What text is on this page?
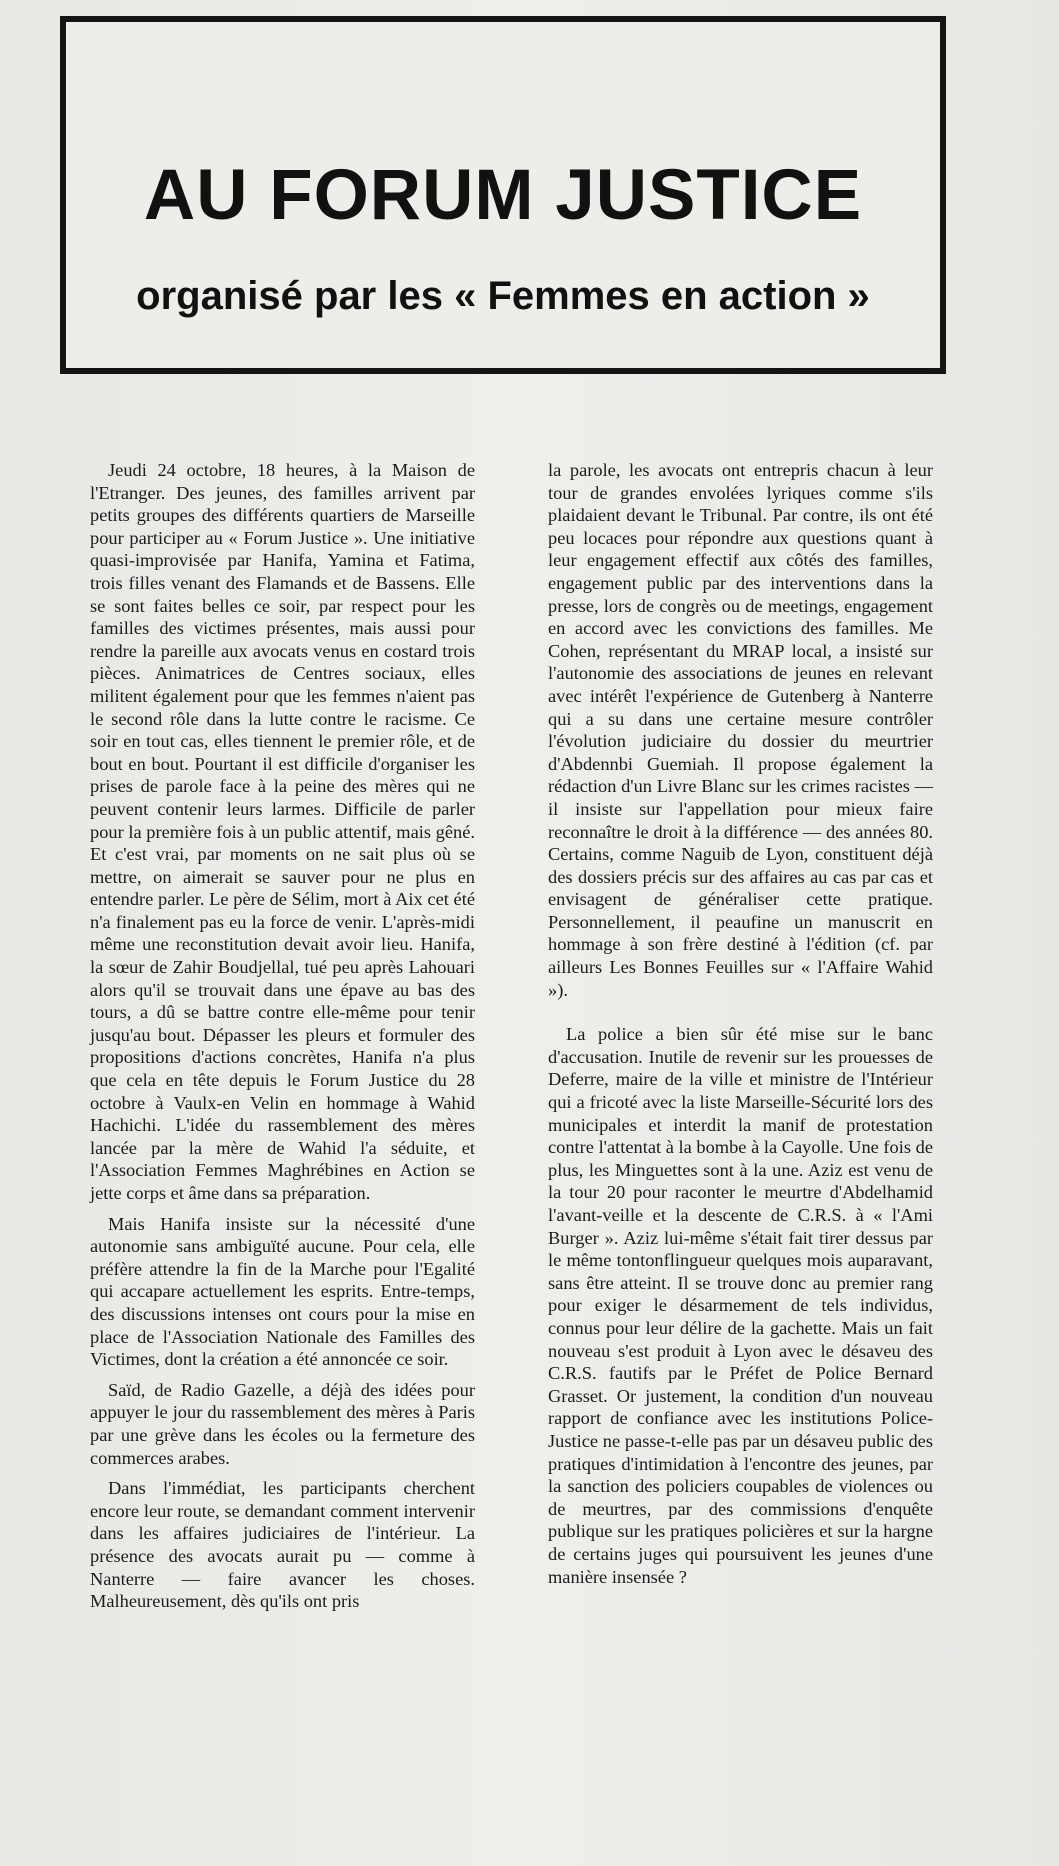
AU FORUM JUSTICE
organisé par les « Femmes en action »

Jeudi 24 octobre, 18 heures, à la Maison de l'Etranger. Des jeunes, des familles arrivent par petits groupes des différents quartiers de Marseille pour participer au « Forum Justice ». Une initiative quasi-improvisée par Hanifa, Yamina et Fatima, trois filles venant des Flamands et de Bassens. Elle se sont faites belles ce soir, par respect pour les familles des victimes présentes, mais aussi pour rendre la pareille aux avocats venus en costard trois pièces. Animatrices de Centres sociaux, elles militent également pour que les femmes n'aient pas le second rôle dans la lutte contre le racisme. Ce soir en tout cas, elles tiennent le premier rôle, et de bout en bout. Pourtant il est difficile d'organiser les prises de parole face à la peine des mères qui ne peuvent contenir leurs larmes. Difficile de parler pour la première fois à un public attentif, mais gêné. Et c'est vrai, par moments on ne sait plus où se mettre, on aimerait se sauver pour ne plus en entendre parler. Le père de Sélim, mort à Aix cet été n'a finalement pas eu la force de venir. L'après-midi même une reconstitution devait avoir lieu. Hanifa, la sœur de Zahir Boudjellal, tué peu après Lahouari alors qu'il se trouvait dans une épave au bas des tours, a dû se battre contre elle-même pour tenir jusqu'au bout. Dépasser les pleurs et formuler des propositions d'actions concrètes, Hanifa n'a plus que cela en tête depuis le Forum Justice du 28 octobre à Vaulx-en Velin en hommage à Wahid Hachichi. L'idée du rassemblement des mères lancée par la mère de Wahid l'a séduite, et l'Association Femmes Maghrébines en Action se jette corps et âme dans sa préparation.

Mais Hanifa insiste sur la nécessité d'une autonomie sans ambiguïté aucune. Pour cela, elle préfère attendre la fin de la Marche pour l'Egalité qui accapare actuellement les esprits. Entre-temps, des discussions intenses ont cours pour la mise en place de l'Association Nationale des Familles des Victimes, dont la création a été annoncée ce soir.

Saïd, de Radio Gazelle, a déjà des idées pour appuyer le jour du rassemblement des mères à Paris par une grève dans les écoles ou la fermeture des commerces arabes.

Dans l'immédiat, les participants cherchent encore leur route, se demandant comment intervenir dans les affaires judiciaires de l'intérieur. La présence des avocats aurait pu — comme à Nanterre — faire avancer les choses. Malheureusement, dès qu'ils ont pris

la parole, les avocats ont entrepris chacun à leur tour de grandes envolées lyriques comme s'ils plaidaient devant le Tribunal. Par contre, ils ont été peu locaces pour répondre aux questions quant à leur engagement effectif aux côtés des familles, engagement public par des interventions dans la presse, lors de congrès ou de meetings, engagement en accord avec les convictions des familles. Me Cohen, représentant du MRAP local, a insisté sur l'autonomie des associations de jeunes en relevant avec intérêt l'expérience de Gutenberg à Nanterre qui a su dans une certaine mesure contrôler l'évolution judiciaire du dossier du meurtrier d'Abdennbi Guemiah. Il propose également la rédaction d'un Livre Blanc sur les crimes racistes — il insiste sur l'appellation pour mieux faire reconnaître le droit à la différence — des années 80. Certains, comme Naguib de Lyon, constituent déjà des dossiers précis sur des affaires au cas par cas et envisagent de généraliser cette pratique. Personnellement, il peaufine un manuscrit en hommage à son frère destiné à l'édition (cf. par ailleurs Les Bonnes Feuilles sur « l'Affaire Wahid »).

La police a bien sûr été mise sur le banc d'accusation. Inutile de revenir sur les prouesses de Deferre, maire de la ville et ministre de l'Intérieur qui a fricoté avec la liste Marseille-Sécurité lors des municipales et interdit la manif de protestation contre l'attentat à la bombe à la Cayolle. Une fois de plus, les Minguettes sont à la une. Aziz est venu de la tour 20 pour raconter le meurtre d'Abdelhamid l'avant-veille et la descente de C.R.S. à « l'Ami Burger ». Aziz lui-même s'était fait tirer dessus par le même tontonflingueur quelques mois auparavant, sans être atteint. Il se trouve donc au premier rang pour exiger le désarmement de tels individus, connus pour leur délire de la gachette. Mais un fait nouveau s'est produit à Lyon avec le désaveu des C.R.S. fautifs par le Préfet de Police Bernard Grasset. Or justement, la condition d'un nouveau rapport de confiance avec les institutions Police-Justice ne passe-t-elle pas par un désaveu public des pratiques d'intimidation à l'encontre des jeunes, par la sanction des policiers coupables de violences ou de meurtres, par des commissions d'enquête publique sur les pratiques policières et sur la hargne de certains juges qui poursuivent les jeunes d'une manière insensée ?
